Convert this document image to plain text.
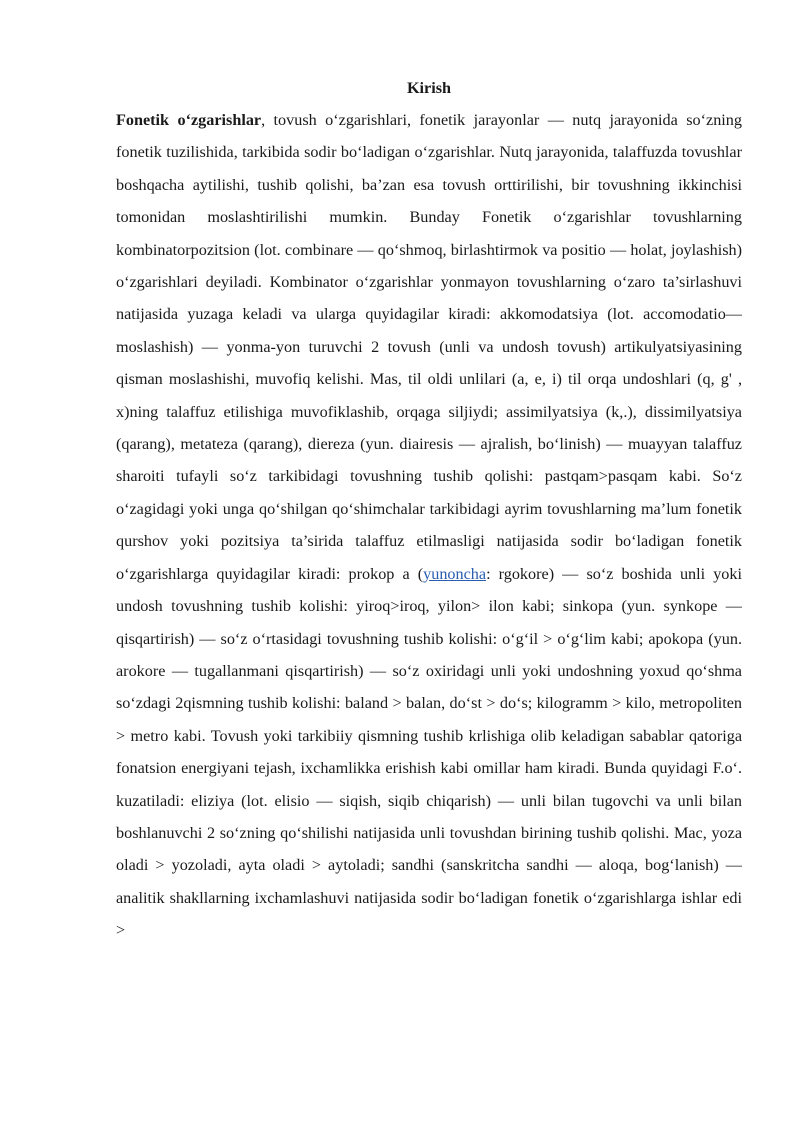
Kirish

Fonetik o‘zgarishlar, tovush o‘zgarishlari, fonetik jarayonlar — nutq jarayonida so‘zning fonetik tuzilishida, tarkibida sodir bo‘ladigan o‘zgarishlar. Nutq jarayonida, talaffuzda tovushlar boshqacha aytilishi, tushib qolishi, ba’zan esa tovush orttirilishi, bir tovushning ikkinchisi tomonidan moslashtirilishi mumkin. Bunday Fonetik o‘zgarishlar tovushlarning kombinatorpozitsion (lot. combinare — qo‘shmoq, birlashtirmok va positio — holat, joylashish) o‘zgarishlari deyiladi. Kombinator o‘zgarishlar yonmayon tovushlarning o‘zaro ta’sirlashuvi natijasida yuzaga keladi va ularga quyidagilar kiradi: akkomodatsiya (lot. accomodatio— moslashish) — yonma-yon turuvchi 2 tovush (unli va undosh tovush) artikulyatsiyasining qisman moslashishi, muvofiq kelishi. Mas, til oldi unlilari (a, e, i) til orqa undoshlari (q, g' , x)ning talaffuz etilishiga muvofiklashib, orqaga siljiydi; assimilyatsiya (k,.), dissimilyatsiya (qarang), metateza (qarang), diereza (yun. diairesis — ajralish, bo‘linish) — muayyan talaffuz sharoiti tufayli so‘z tarkibidagi tovushning tushib qolishi: pastqam>pasqam kabi. So‘z o‘zagidagi yoki unga qo‘shilgan qo‘shimchalar tarkibidagi ayrim tovushlarning ma’lum fonetik qurshov yoki pozitsiya ta’sirida talaffuz etilmasligi natijasida sodir bo‘ladigan fonetik o‘zgarishlarga quyidagilar kiradi: prokop a (yunoncha: rgokore) — so‘z boshida unli yoki undosh tovushning tushib kolishi: yiroq>iroq, yilon> ilon kabi; sinkopa (yun. synkope — qisqartirish) — so‘z o‘rtasidagi tovushning tushib kolishi: o‘g‘il > o‘g‘lim kabi; apokopa (yun. arokore — tugallanmani qisqartirish) — so‘z oxiridagi unli yoki undoshning yoxud qo‘shma so‘zdagi 2qismning tushib kolishi: baland > balan, do‘st > do‘s; kilogramm > kilo, metropoliten > metro kabi. Tovush yoki tarkibiiy qismning tushib krlishiga olib keladigan sabablar qatoriga fonatsion energiyani tejash, ixchamlikka erishish kabi omillar ham kiradi. Bunda quyidagi F.o‘. kuzatiladi: eliziya (lot. elisio — siqish, siqib chiqarish) — unli bilan tugovchi va unli bilan boshlanuvchi 2 so‘zning qo‘shilishi natijasida unli tovushdan birining tushib qolishi. Mac, yoza oladi > yozoladi, ayta oladi > aytoladi; sandhi (sanskritcha sandhi — aloqa, bog‘lanish) — analitik shakllarning ixchamlashuvi natijasida sodir bo‘ladigan fonetik o‘zgarishlarga ishlar edi >
